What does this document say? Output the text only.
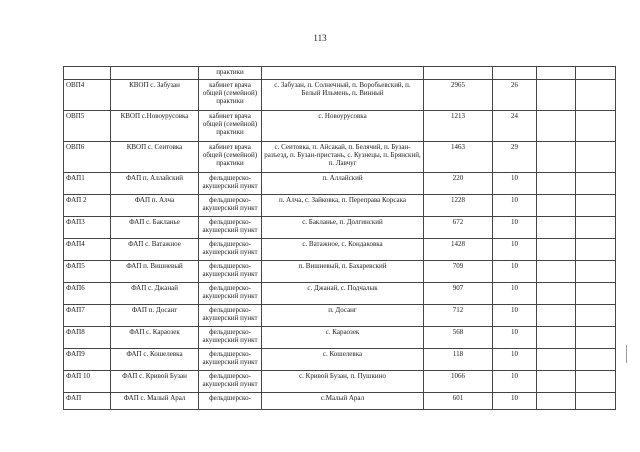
113
		практики					
ОВП4	КВОП с. Забузан	кабинет врача общей (семейной) практики	с. Забузан, п. Солнечный, п. Воробьевский, п. Белый Ильмень, п. Винный	2965	26		
ОВП5	КВОП с.Новоурусовка	кабинет врача общей (семейной) практики	с. Новоурусовка	1213	24		
ОВП6	КВОП с. Сеитовка	кабинет врача общей (семейной) практики	с. Сеитовка, п. Айсакай, п. Белячий, п. Бузан-разъезд, п. Бузан-пристань, с. Кузнецы, п. Брянский, п. Лавчуг	1463	29		
ФАП1	ФАП п. Аллайский	фельдшерско-акушерский пункт	п. Аллайский	220	10		
ФАП 2	ФАП п. Алча	фельдшерско-акушерский пункт	п. Алча, с. Зайковка, п. Переправа Корсака	1228	10		
ФАП3	ФАП с. Бакланье	фельдшерско-акушерский пункт	с. Бакланье, п. Долгинский	672	10		
ФАП4	ФАП с. Ватажное	фельдшерско-акушерский пункт	с. Ватажное, с. Кондаковка	1428	10		
ФАП5	ФАП п. Вишневый	фельдшерско-акушерский пункт	п. Вишневый, п. Бахаревский	709	10		
ФАП6	ФАП с. Джанай	фельдшерско-акушерский пункт	с. Джанай, с. Подчалык	907	10		
ФАП7	ФАП п. Досанг	фельдшерско-акушерский пункт	п. Досанг	712	10		
ФАП8	ФАП с. Караозек	фельдшерско-акушерский пункт	с. Караозек	568	10		
ФАП9	ФАП с. Кошелевка	фельдшерско-акушерский пункт	с. Кошелевка	118	10		
ФАП 10	ФАП с. Кривой Бузан	фельдшерско-акушерский пункт	с. Кривой Бузан, п. Пушкино	1066	10		
ФАП	ФАП с. Малый Арал	фельдшерско-	с.Малый Арал	601	10		
